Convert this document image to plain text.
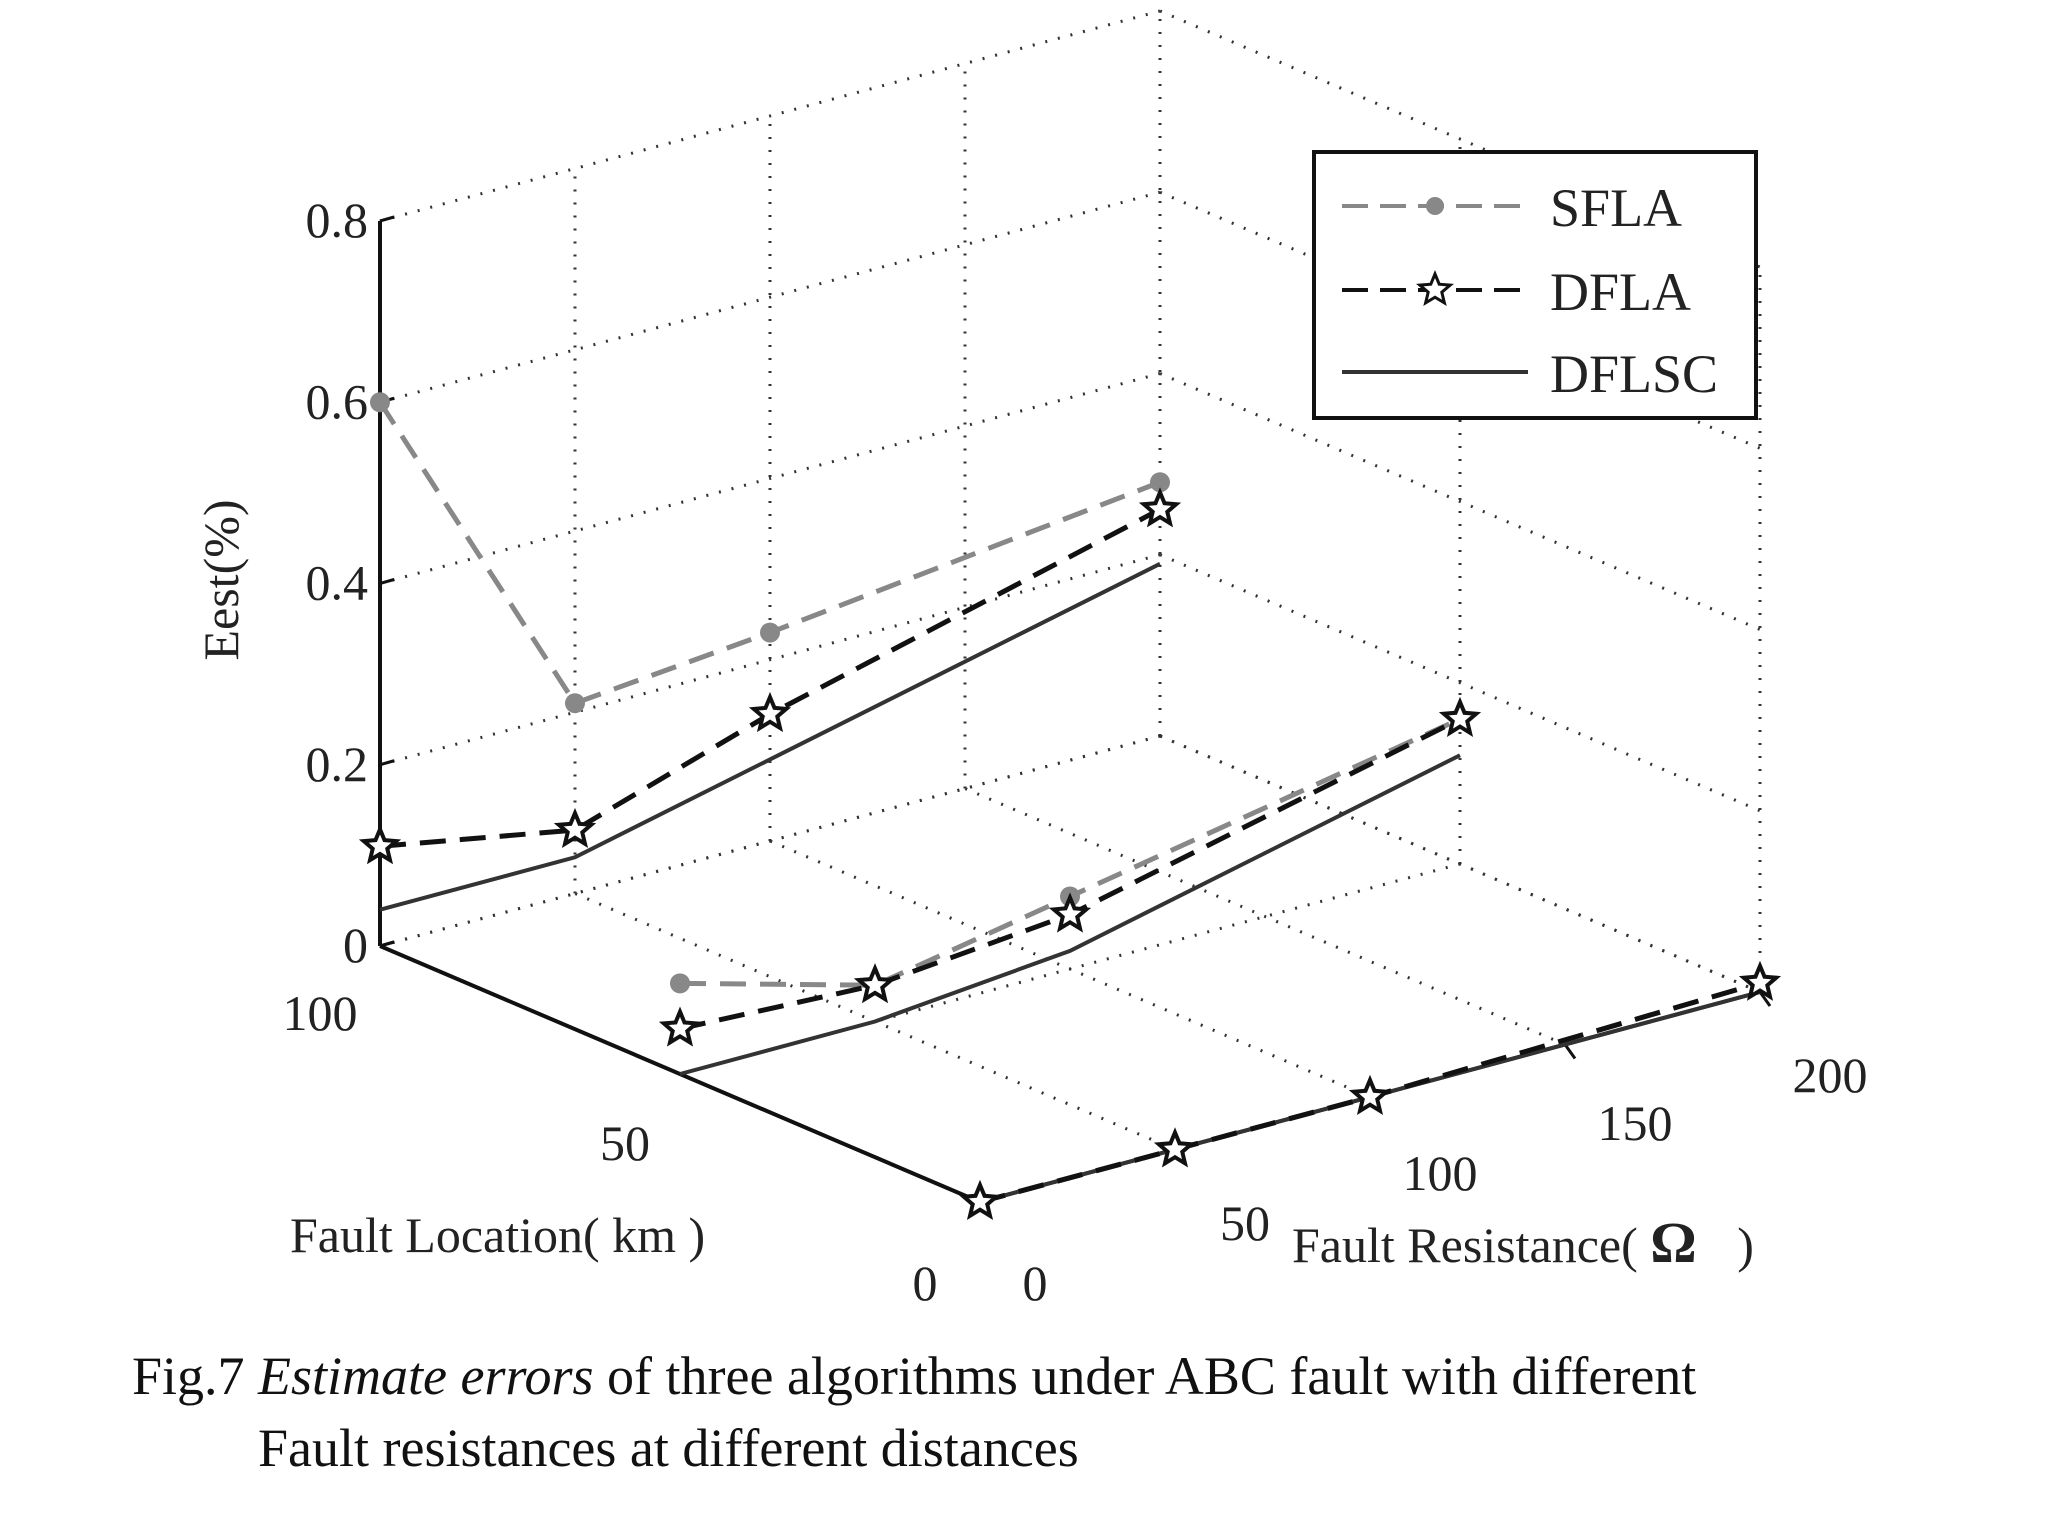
0
0.2
0.4
0.6
0.8
0
50
100
0
50
100
150
200
Eest(%)
Fault Location( km )	Fault Resistance( Ω )
SFLA
DFLA
DFLSC
Fig.7 Estimate errors of three algorithms under ABC fault with different
Fault resistances at different distances
